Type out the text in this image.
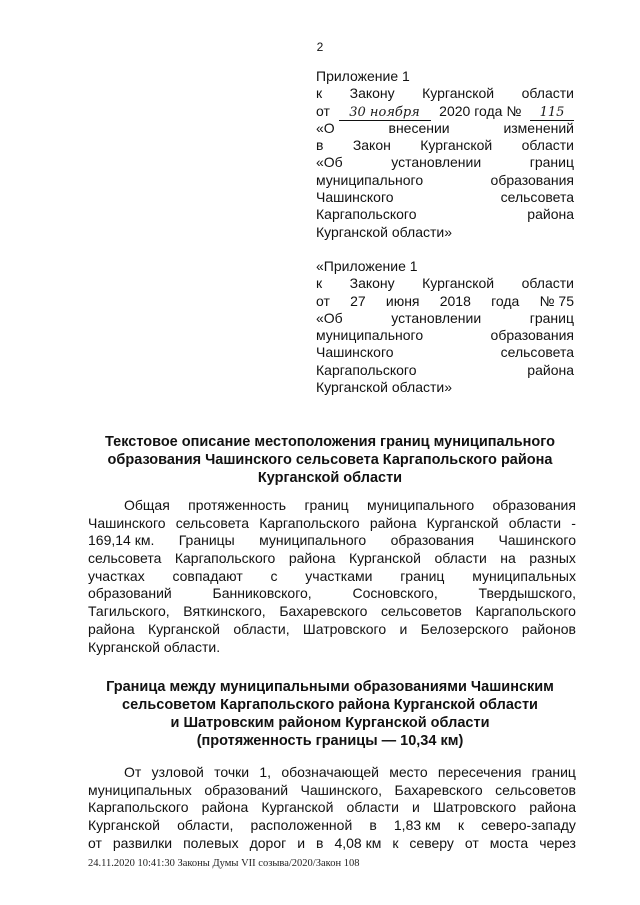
2
Приложение 1
к Закону Курганской области
от	30 ноября	2020 года №	115
«О	внесении	изменений
в Закон Курганской области
«Об	установлении	границ
муниципального	образования
Чашинского	сельсовета
Каргапольского	района
Курганской области»
«Приложение 1
к Закону Курганской области
от 27 июня 2018 года № 75
«Об	установлении	границ
муниципального	образования
Чашинского	сельсовета
Каргапольского	района
Курганской области»
Текстовое описание местоположения границ муниципального
образования Чашинского сельсовета Каргапольского района
Курганской области
Общая протяженность границ муниципального образования
Чашинского сельсовета Каргапольского района Курганской области -
169,14 км. Границы муниципального образования Чашинского
сельсовета Каргапольского района Курганской области на разных
участках совпадают с участками границ муниципальных
образований	Банниковского,	Сосновского,	Твердышского,
Тагильского, Вяткинского, Бахаревского сельсоветов Каргапольского
района Курганской области, Шатровского и Белозерского районов
Курганской области.
Граница между муниципальными образованиями Чашинским
сельсоветом Каргапольского района Курганской области
и Шатровским районом Курганской области
(протяженность границы — 10,34 км)
От узловой точки 1, обозначающей место пересечения границ
муниципальных образований Чашинского, Бахаревского сельсоветов
Каргапольского района Курганской области и Шатровского района
Курганской области, расположенной в 1,83 км к северо-западу
от развилки полевых дорог и в 4,08 км к северу от моста через
24.11.2020 10:41:30 Законы Думы VII созыва/2020/Закон 108
